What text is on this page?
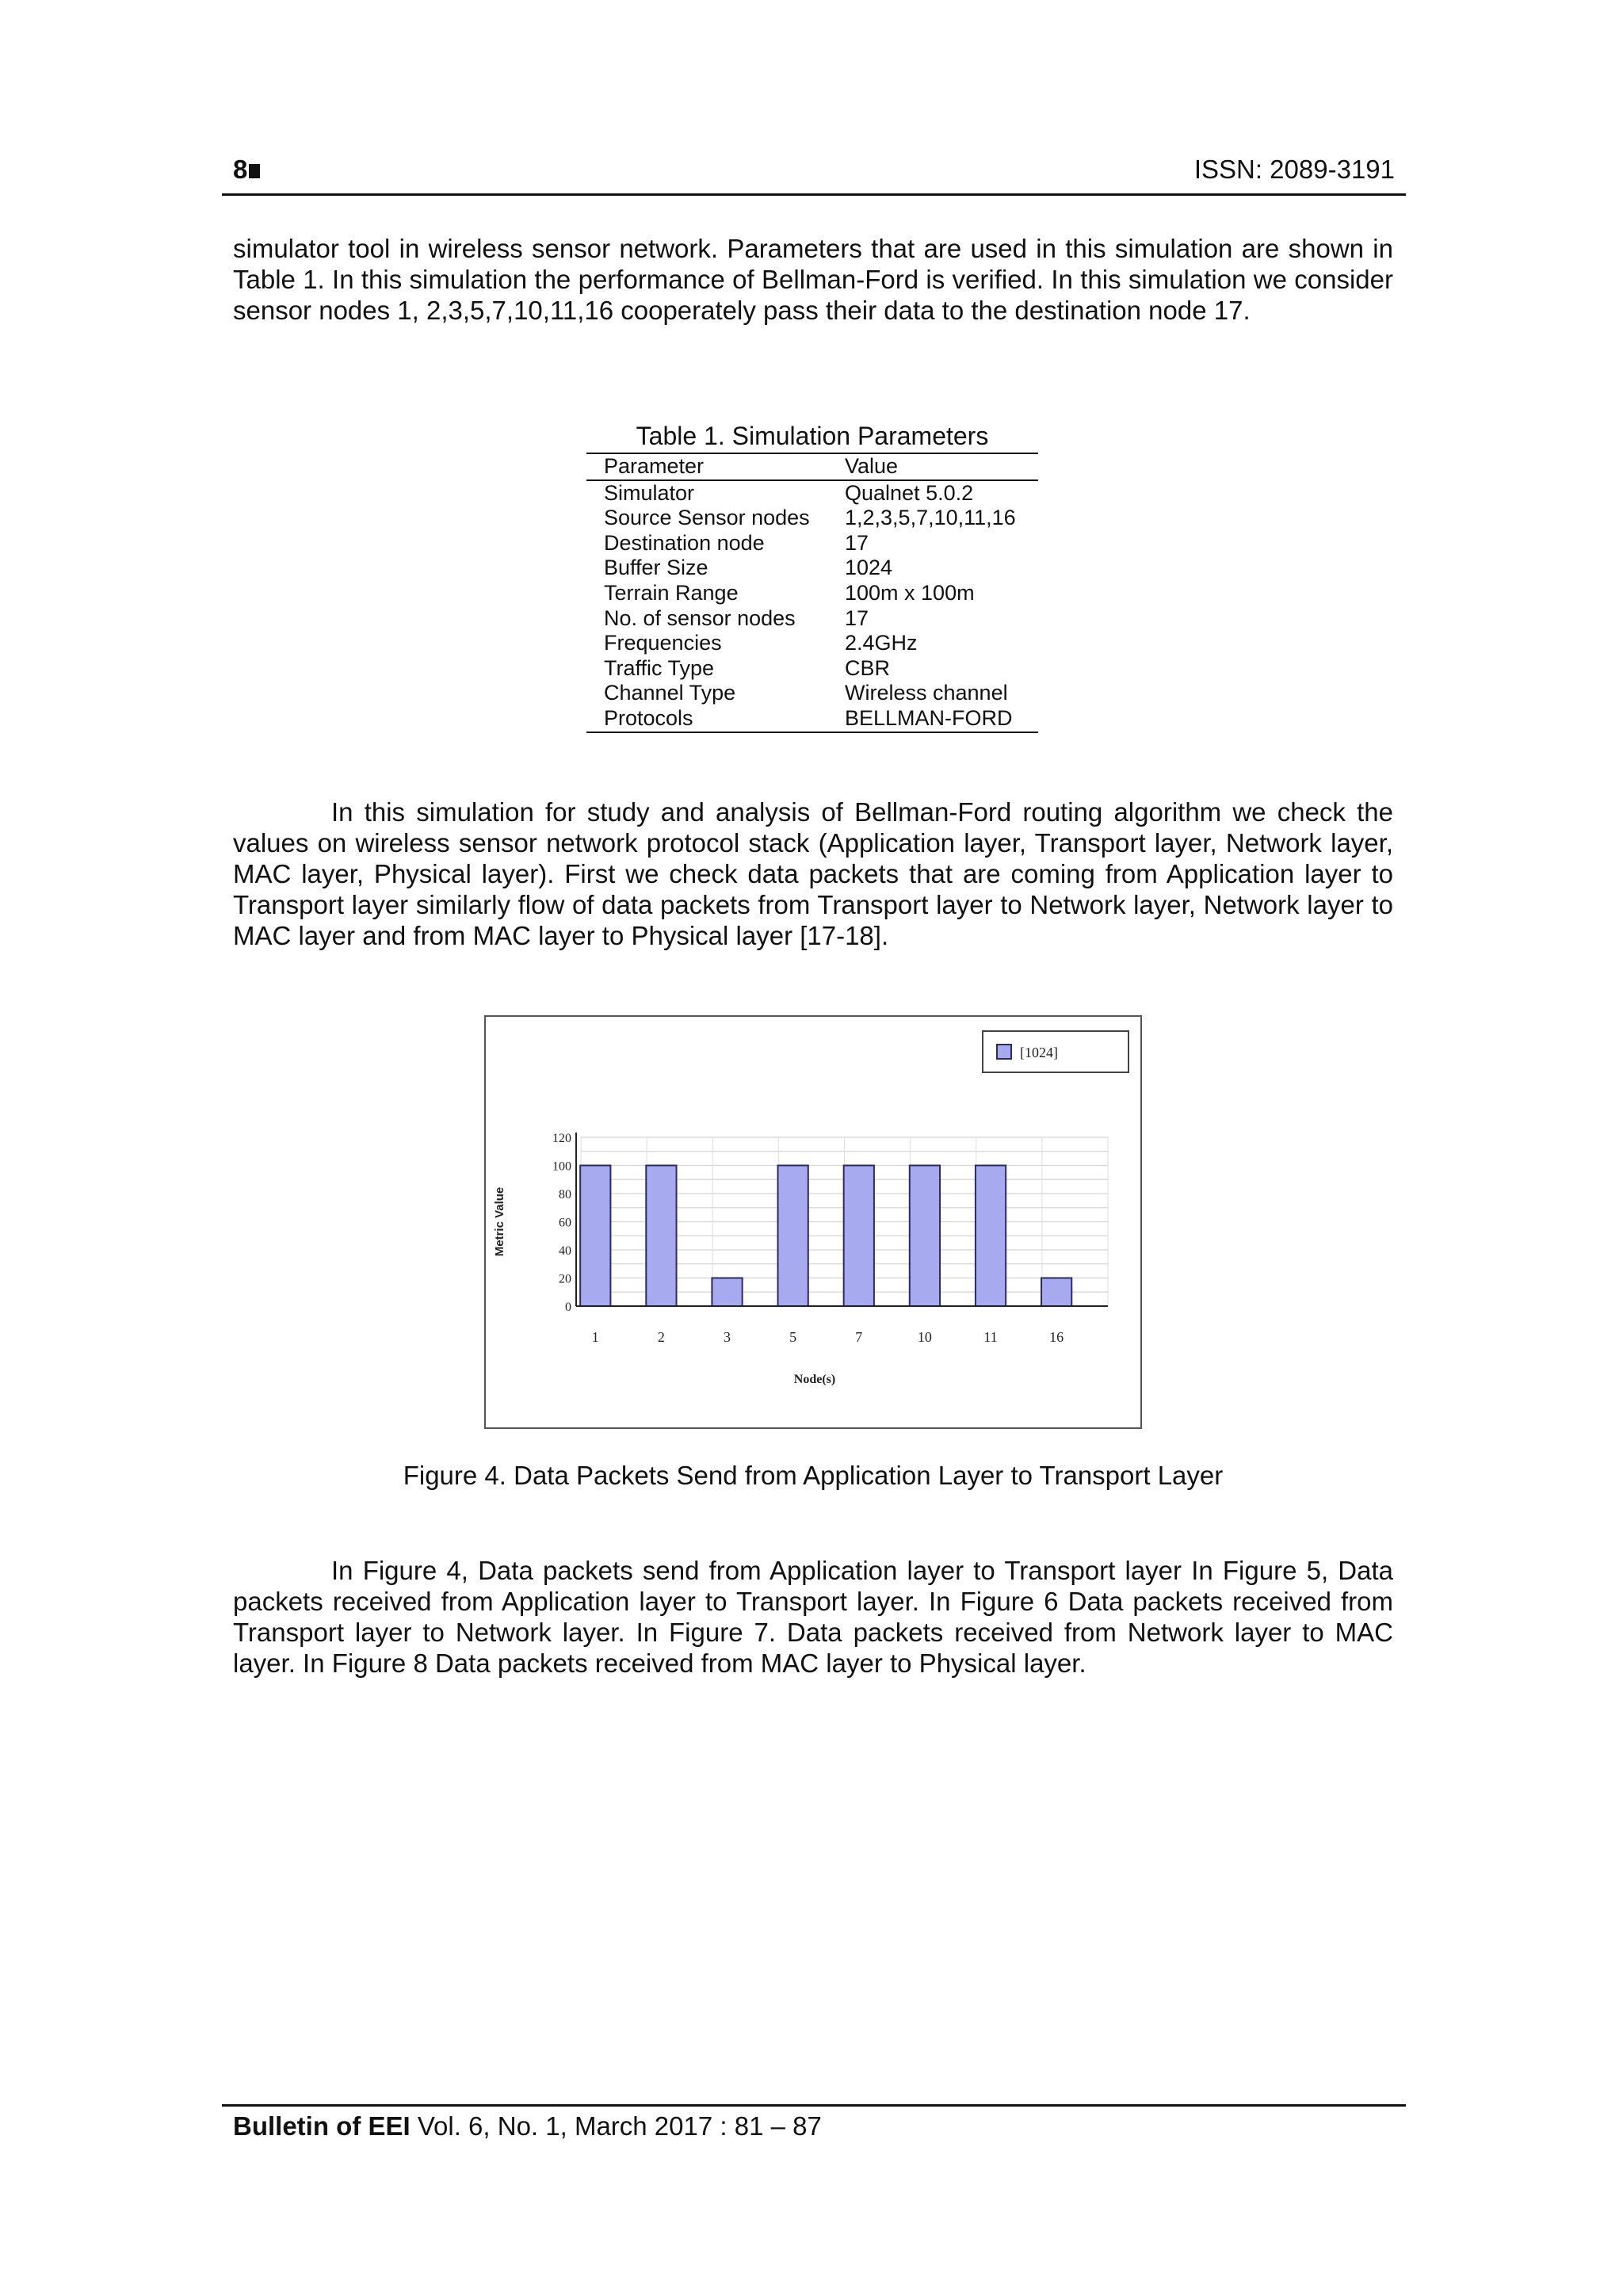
8	ISSN: 2089-3191

simulator tool in wireless sensor network. Parameters that are used in this simulation are shown in Table 1. In this simulation the performance of Bellman-Ford is verified. In this simulation we consider sensor nodes 1, 2,3,5,7,10,11,16 cooperately pass their data to the destination node 17.

Table 1. Simulation Parameters
Parameter	Value
Simulator	Qualnet 5.0.2
Source Sensor nodes	1,2,3,5,7,10,11,16
Destination node	17
Buffer Size	1024
Terrain Range	100m x 100m
No. of sensor nodes	17
Frequencies	2.4GHz
Traffic Type	CBR
Channel Type	Wireless channel
Protocols	BELLMAN-FORD

In this simulation for study and analysis of Bellman-Ford routing algorithm we check the values on wireless sensor network protocol stack (Application layer, Transport layer, Network layer, MAC layer, Physical layer). First we check data packets that are coming from Application layer to Transport layer similarly flow of data packets from Transport layer to Network layer, Network layer to MAC layer and from MAC layer to Physical layer [17-18].

1	2	3	5	7	10	11	16
0
20
40
60
80
100
120
Metric Value
Node(s)
[1024]
Figure 4. Data Packets Send from Application Layer to Transport Layer

In Figure 4, Data packets send from Application layer to Transport layer In Figure 5, Data packets received from Application layer to Transport layer. In Figure 6 Data packets received from Transport layer to Network layer. In Figure 7. Data packets received from Network layer to MAC layer. In Figure 8 Data packets received from MAC layer to Physical layer.

Bulletin of EEI Vol. 6, No. 1, March 2017 : 81 – 87
